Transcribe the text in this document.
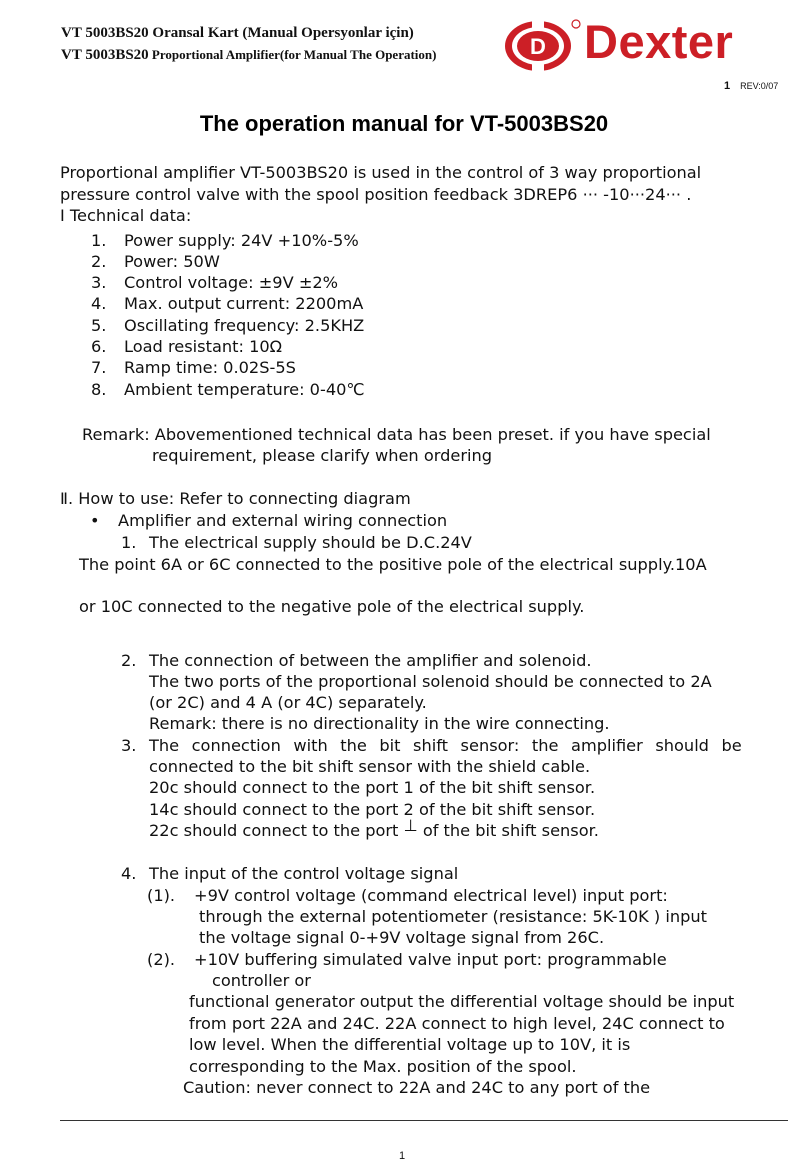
VT 5003BS20 Oransal Kart (Manual Opersyonlar için)
VT 5003BS20 Proportional Amplifier(for Manual The Operation)	D Dexter
1 REV:0/07
The operation manual for VT-5003BS20
Proportional amplifier VT-5003BS20 is used in the control of 3 way proportional
pressure control valve with the spool position feedback 3DREP6 ··· -10···24··· .
Ⅰ Technical data:
1. Power supply: 24V +10%-5%
2. Power: 50W
3. Control voltage: ±9V ±2%
4. Max. output current: 2200mA
5. Oscillating frequency: 2.5KHZ
6. Load resistant: 10Ω
7. Ramp time: 0.02S-5S
8. Ambient temperature: 0-40℃
Remark: Abovementioned technical data has been preset. if you have special
requirement, please clarify when ordering
Ⅱ. How to use: Refer to connecting diagram
• Amplifier and external wiring connection
1. The electrical supply should be D.C.24V
The point 6A or 6C connected to the positive pole of the electrical supply.10A
or 10C connected to the negative pole of the electrical supply.
2. The connection of between the amplifier and solenoid.
The two ports of the proportional solenoid should be connected to 2A
(or 2C) and 4 A (or 4C) separately.
Remark: there is no directionality in the wire connecting.
3. The connection with the bit shift sensor: the amplifier should be
connected to the bit shift sensor with the shield cable.
20c should connect to the port 1 of the bit shift sensor.
14c should connect to the port 2 of the bit shift sensor.
22c should connect to the port ⊥ of the bit shift sensor.
4. The input of the control voltage signal
(1). +9V control voltage (command electrical level) input port:
through the external potentiometer (resistance: 5K-10K ) input
the voltage signal 0-+9V voltage signal from 26C.
(2). +10V buffering simulated valve input port: programmable
controller or
functional generator output the differential voltage should be input
from port 22A and 24C. 22A connect to high level, 24C connect to
low level. When the differential voltage up to 10V, it is
corresponding to the Max. position of the spool.
Caution: never connect to 22A and 24C to any port of the
1
